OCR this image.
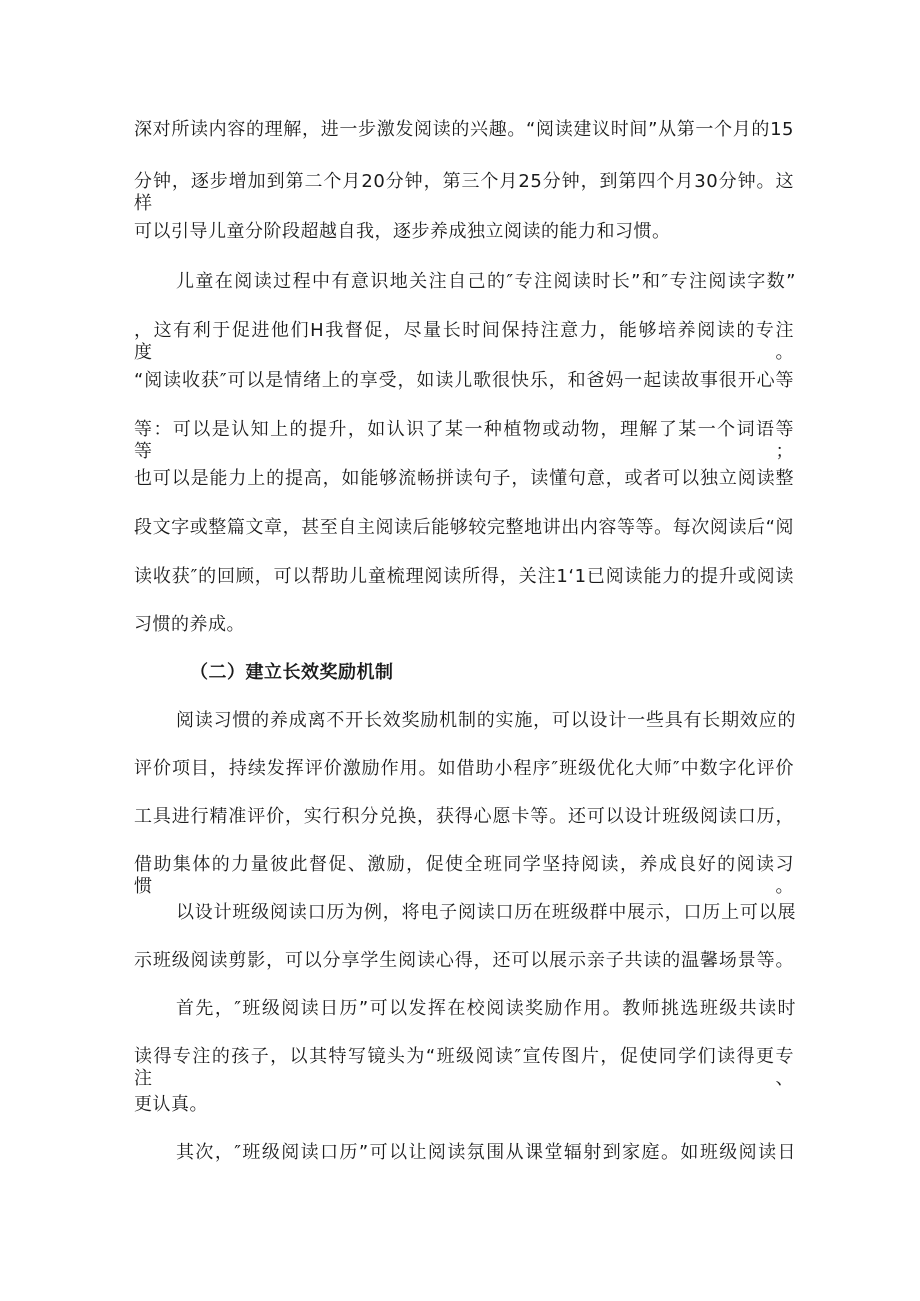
深对所读内容的理解，进一步激发阅读的兴趣。“阅读建议时间”从第一个月的15
分钟，逐步增加到第二个月20分钟，第三个月25分钟，到第四个月30分钟。这样
可以引导儿童分阶段超越自我，逐步养成独立阅读的能力和习惯。
儿童在阅读过程中有意识地关注自己的″专注阅读时长”和″专注阅读字数”
，这有利于促进他们H我督促，尽量长时间保持注意力，能够培养阅读的专注度。
“阅读收获″可以是情绪上的享受，如读儿歌很快乐，和爸妈一起读故事很开心等
等：可以是认知上的提升，如认识了某一种植物或动物，理解了某一个词语等等；
也可以是能力上的提高，如能够流畅拼读句子，读懂句意，或者可以独立阅读整
段文字或整篇文章，甚至自主阅读后能够较完整地讲出内容等等。每次阅读后“阅
读收获″的回顾，可以帮助儿童梳理阅读所得，关注1‘1已阅读能力的提升或阅读
习惯的养成。
（二）建立长效奖励机制
阅读习惯的养成离不开长效奖励机制的实施，可以设计一些具有长期效应的
评价项目，持续发挥评价激励作用。如借助小程序″班级优化大师″中数字化评价
工具进行精准评价，实行积分兑换，获得心愿卡等。还可以设计班级阅读口历，
借助集体的力量彼此督促、激励，促使全班同学坚持阅读，养成良好的阅读习惯。
以设计班级阅读口历为例，将电子阅读口历在班级群中展示，口历上可以展
示班级阅读剪影，可以分享学生阅读心得，还可以展示亲子共读的温馨场景等。
首先，″班级阅读日历”可以发挥在校阅读奖励作用。教师挑选班级共读时
读得专注的孩子，以其特写镜头为“班级阅读″宣传图片，促使同学们读得更专注、
更认真。
其次，″班级阅读口历”可以让阅读氛围从课堂辐射到家庭。如班级阅读日
